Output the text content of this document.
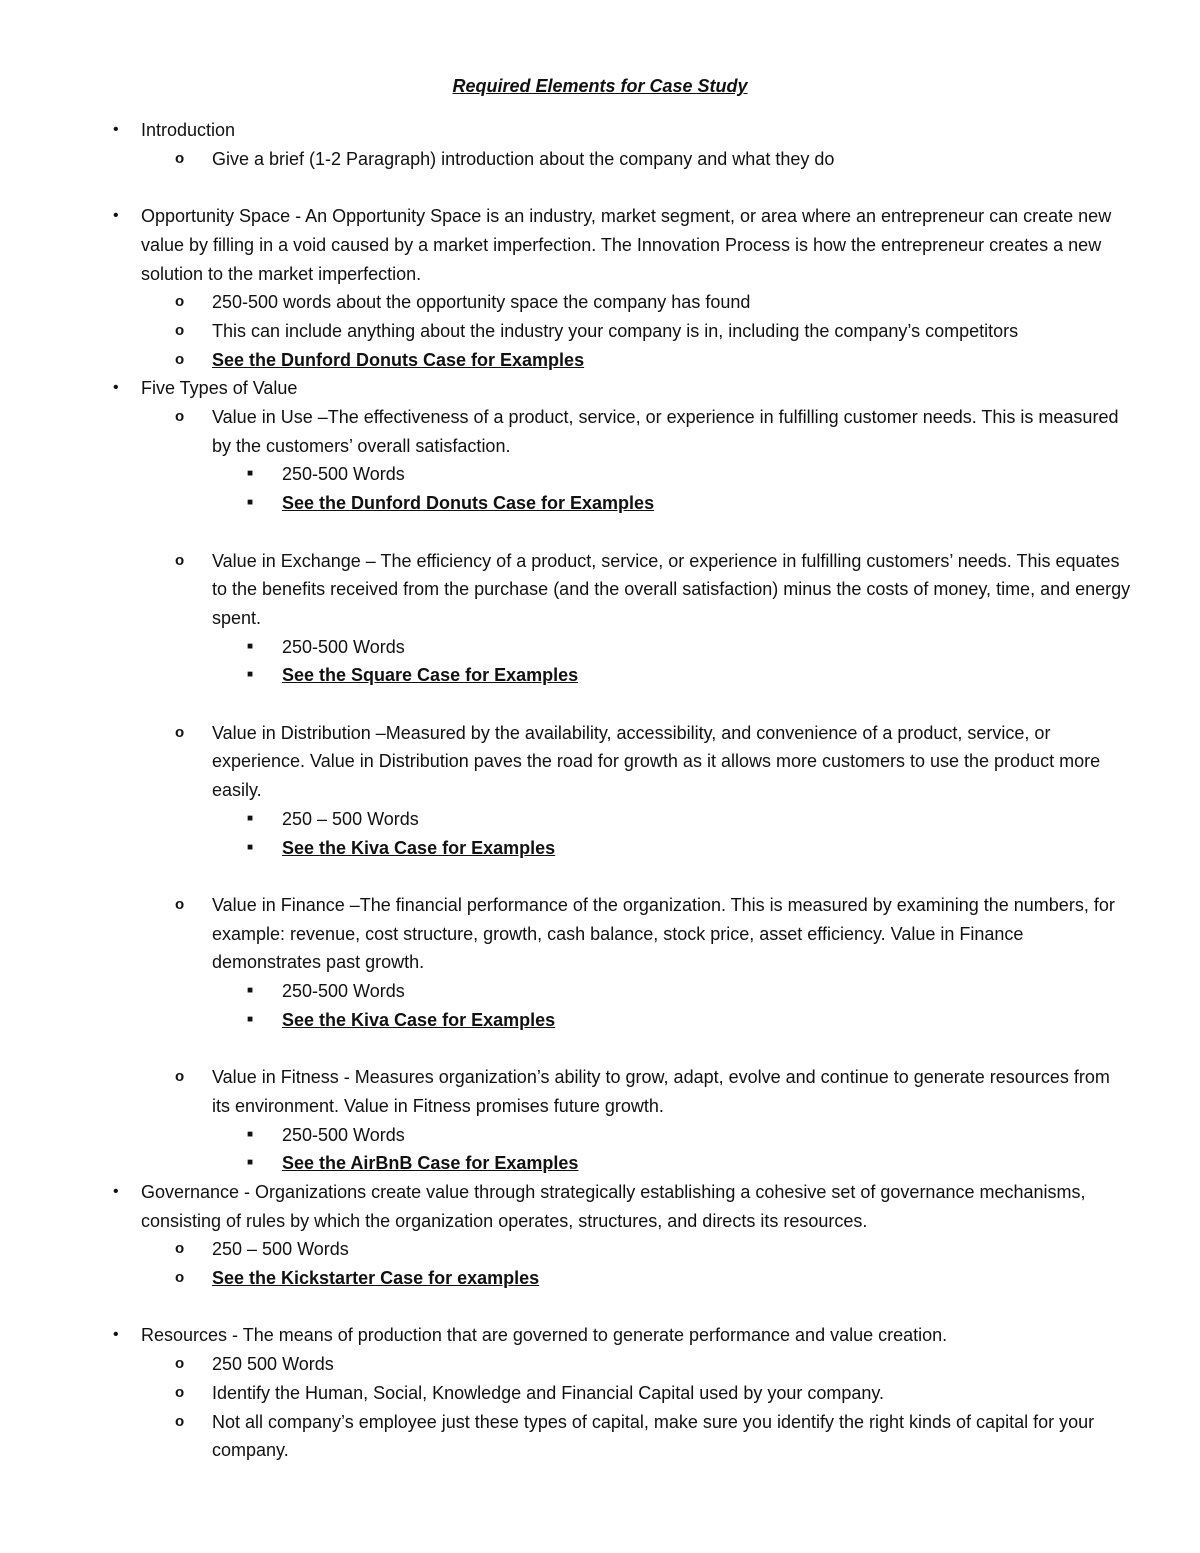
Required Elements for Case Study
• Introduction
o Give a brief (1-2 Paragraph) introduction about the company and what they do
• Opportunity Space - An Opportunity Space is an industry, market segment, or area where an entrepreneur can create new value by filling in a void caused by a market imperfection. The Innovation Process is how the entrepreneur creates a new solution to the market imperfection.
o 250-500 words about the opportunity space the company has found
o This can include anything about the industry your company is in, including the company’s competitors
o See the Dunford Donuts Case for Examples
• Five Types of Value
o Value in Use –The effectiveness of a product, service, or experience in fulfilling customer needs. This is measured by the customers’ overall satisfaction.
■ 250-500 Words
■ See the Dunford Donuts Case for Examples
o Value in Exchange – The efficiency of a product, service, or experience in fulfilling customers’ needs. This equates to the benefits received from the purchase (and the overall satisfaction) minus the costs of money, time, and energy spent.
■ 250-500 Words
■ See the Square Case for Examples
o Value in Distribution –Measured by the availability, accessibility, and convenience of a product, service, or experience. Value in Distribution paves the road for growth as it allows more customers to use the product more easily.
■ 250 – 500 Words
■ See the Kiva Case for Examples
o Value in Finance –The financial performance of the organization. This is measured by examining the numbers, for example: revenue, cost structure, growth, cash balance, stock price, asset efficiency. Value in Finance demonstrates past growth.
■ 250-500 Words
■ See the Kiva Case for Examples
o Value in Fitness - Measures organization’s ability to grow, adapt, evolve and continue to generate resources from its environment. Value in Fitness promises future growth.
■ 250-500 Words
■ See the AirBnB Case for Examples
• Governance - Organizations create value through strategically establishing a cohesive set of governance mechanisms, consisting of rules by which the organization operates, structures, and directs its resources.
o 250 – 500 Words
o See the Kickstarter Case for examples
• Resources - The means of production that are governed to generate performance and value creation.
o 250 500 Words
o Identify the Human, Social, Knowledge and Financial Capital used by your company.
o Not all company’s employee just these types of capital, make sure you identify the right kinds of capital for your company.
